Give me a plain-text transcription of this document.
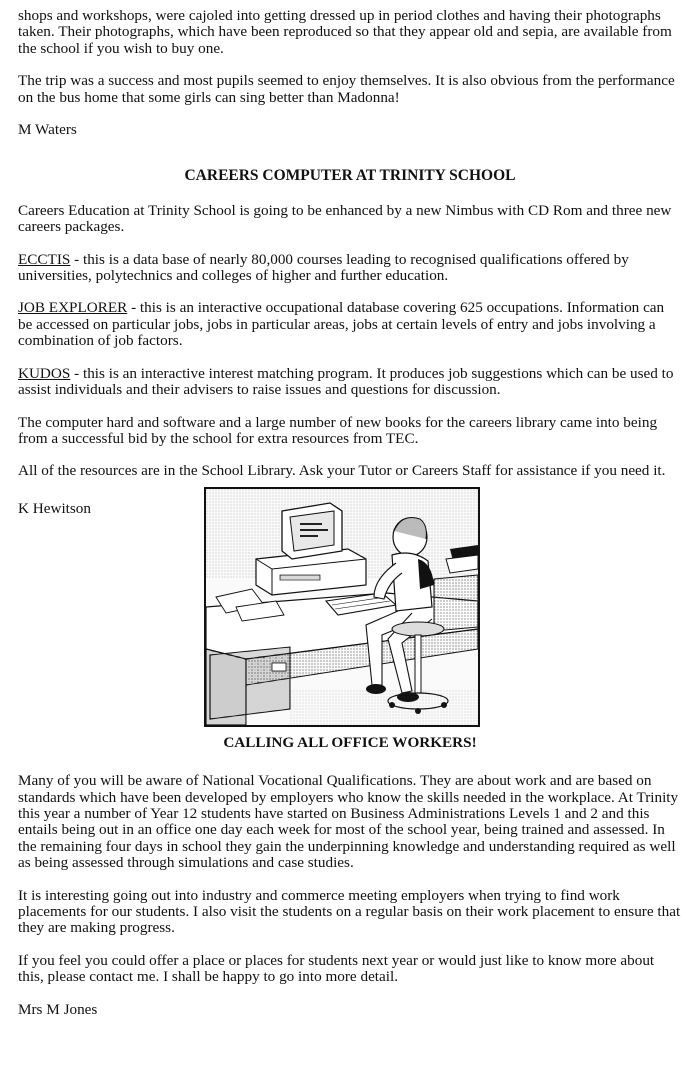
shops and workshops, were cajoled into getting dressed up in period clothes and having their photographs taken. Their photographs, which have been reproduced so that they appear old and sepia, are available from the school if you wish to buy one.

The trip was a success and most pupils seemed to enjoy themselves. It is also obvious from the performance on the bus home that some girls can sing better than Madonna!

M Waters

CAREERS COMPUTER AT TRINITY SCHOOL

Careers Education at Trinity School is going to be enhanced by a new Nimbus with CD Rom and three new careers packages.

ECCTIS - this is a data base of nearly 80,000 courses leading to recognised qualifications offered by universities, polytechnics and colleges of higher and further education.

JOB EXPLORER - this is an interactive occupational database covering 625 occupations. Information can be accessed on particular jobs, jobs in particular areas, jobs at certain levels of entry and jobs involving a combination of job factors.

KUDOS - this is an interactive interest matching program. It produces job suggestions which can be used to assist individuals and their advisers to raise issues and questions for discussion.

The computer hard and software and a large number of new books for the careers library came into being from a successful bid by the school for extra resources from TEC.

All of the resources are in the School Library. Ask your Tutor or Careers Staff for assistance if you need it.

K Hewitson
CALLING ALL OFFICE WORKERS!

Many of you will be aware of National Vocational Qualifications. They are about work and are based on standards which have been developed by employers who know the skills needed in the workplace. At Trinity this year a number of Year 12 students have started on Business Administrations Levels 1 and 2 and this entails being out in an office one day each week for most of the school year, being trained and assessed. In the remaining four days in school they gain the underpinning knowledge and understanding required as well as being assessed through simulations and case studies.

It is interesting going out into industry and commerce meeting employers when trying to find work placements for our students. I also visit the students on a regular basis on their work placement to ensure that they are making progress.

If you feel you could offer a place or places for students next year or would just like to know more about this, please contact me. I shall be happy to go into more detail.

Mrs M Jones
